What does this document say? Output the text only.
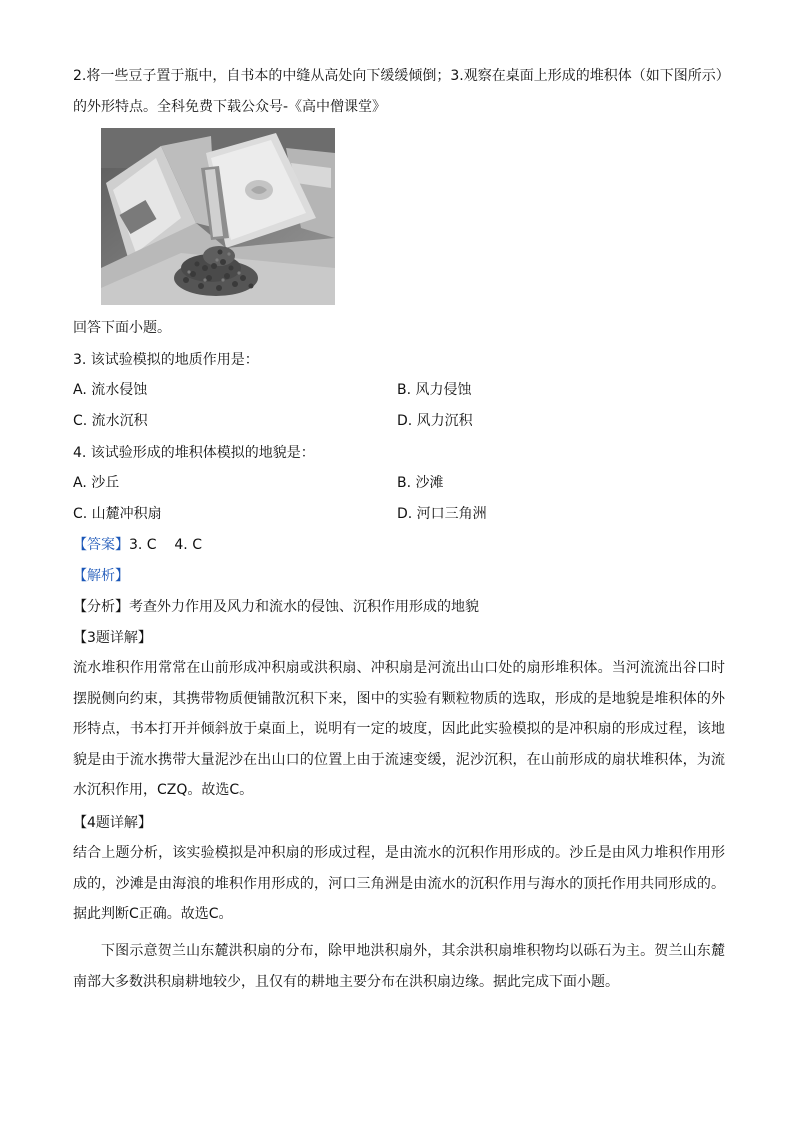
2.将一些豆子置于瓶中，自书本的中缝从高处向下缓缓倾倒；3.观察在桌面上形成的堆积体（如下图所示）
的外形特点。全科免费下载公众号-《高中僧课堂》
回答下面小题。
3. 该试验模拟的地质作用是：
A. 流水侵蚀	B. 风力侵蚀
C. 流水沉积	D. 风力沉积
4. 该试验形成的堆积体模拟的地貌是：
A. 沙丘	B. 沙滩
C. 山麓冲积扇	D. 河口三角洲
【答案】3. C    4. C
【解析】
【分析】考查外力作用及风力和流水的侵蚀、沉积作用形成的地貌
【3题详解】
流水堆积作用常常在山前形成冲积扇或洪积扇、冲积扇是河流出山口处的扇形堆积体。当河流流出谷口时摆脱侧向约束，其携带物质便铺散沉积下来，图中的实验有颗粒物质的选取，形成的是地貌是堆积体的外形特点，书本打开并倾斜放于桌面上，说明有一定的坡度，因此此实验模拟的是冲积扇的形成过程，该地貌是由于流水携带大量泥沙在出山口的位置上由于流速变缓，泥沙沉积，在山前形成的扇状堆积体，为流水沉积作用，CZQ。故选C。
【4题详解】
结合上题分析，该实验模拟是冲积扇的形成过程，是由流水的沉积作用形成的。沙丘是由风力堆积作用形成的，沙滩是由海浪的堆积作用形成的，河口三角洲是由流水的沉积作用与海水的顶托作用共同形成的。据此判断C正确。故选C。
下图示意贺兰山东麓洪积扇的分布，除甲地洪积扇外，其余洪积扇堆积物均以砾石为主。贺兰山东麓南部大多数洪积扇耕地较少，且仅有的耕地主要分布在洪积扇边缘。据此完成下面小题。
